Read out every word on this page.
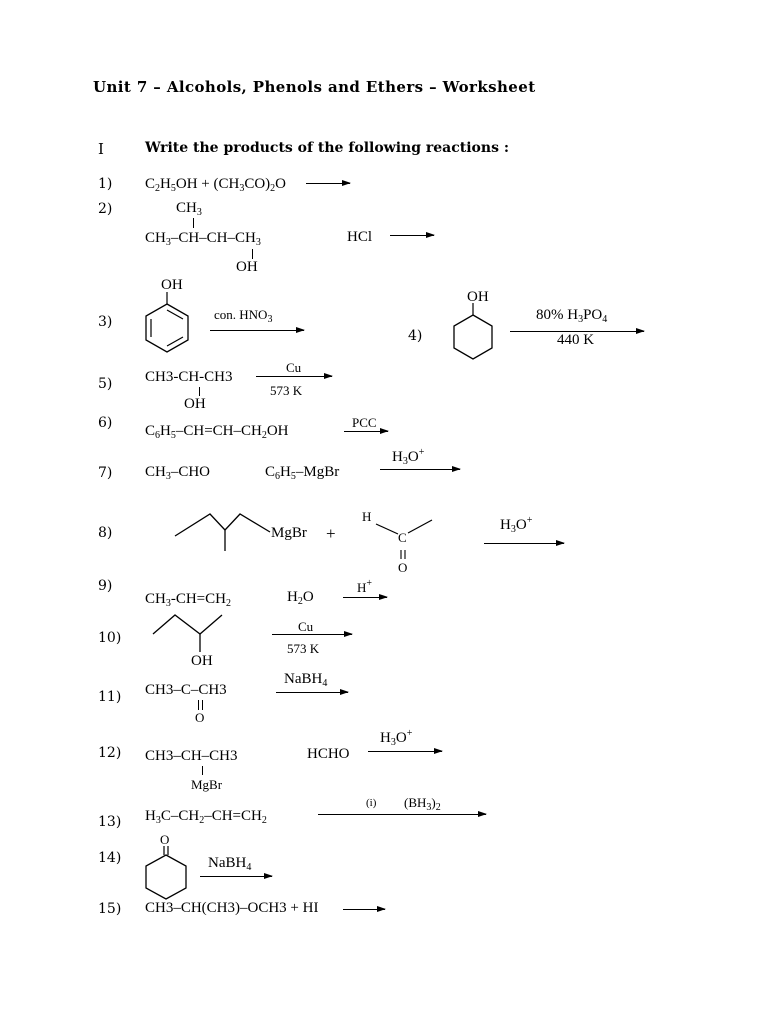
Unit 7 – Alcohols, Phenols and Ethers – Worksheet
I	Write the products of the following reactions :
1) $C_2H_5OH + (CH_3CO)_2O$ →
2)	$CH_3$
$CH_3-CH-CH-CH_3$
OH
HCl →
3)
OH
con. $HNO_3$
4)
OH
80% $H_3PO_4$
440 K
5) CH3-CH-CH3
OH
Cu
573 K
6) $C_6H_5-CH=CH-CH_2OH$
PCC
7) $CH_3$–CHO	$C_6H_5$–MgBr
$H_3O^+$
8)	MgBr +
H
C
O
$H_3O^+$
9)
$CH_3-CH=CH_2$	$H_2O$
H+
10)
OH
Cu
573 K
11) CH3–C–CH3
O
NaBH$_4$
12) CH3–CH–CH3
MgBr
HCHO
$H_3O^+$
13) $H_3C-CH_2-CH=CH_2$
(i) $(BH_3)_2$
14)
O
NaBH$_4$
15) CH3–CH(CH3)–OCH3 + HI
